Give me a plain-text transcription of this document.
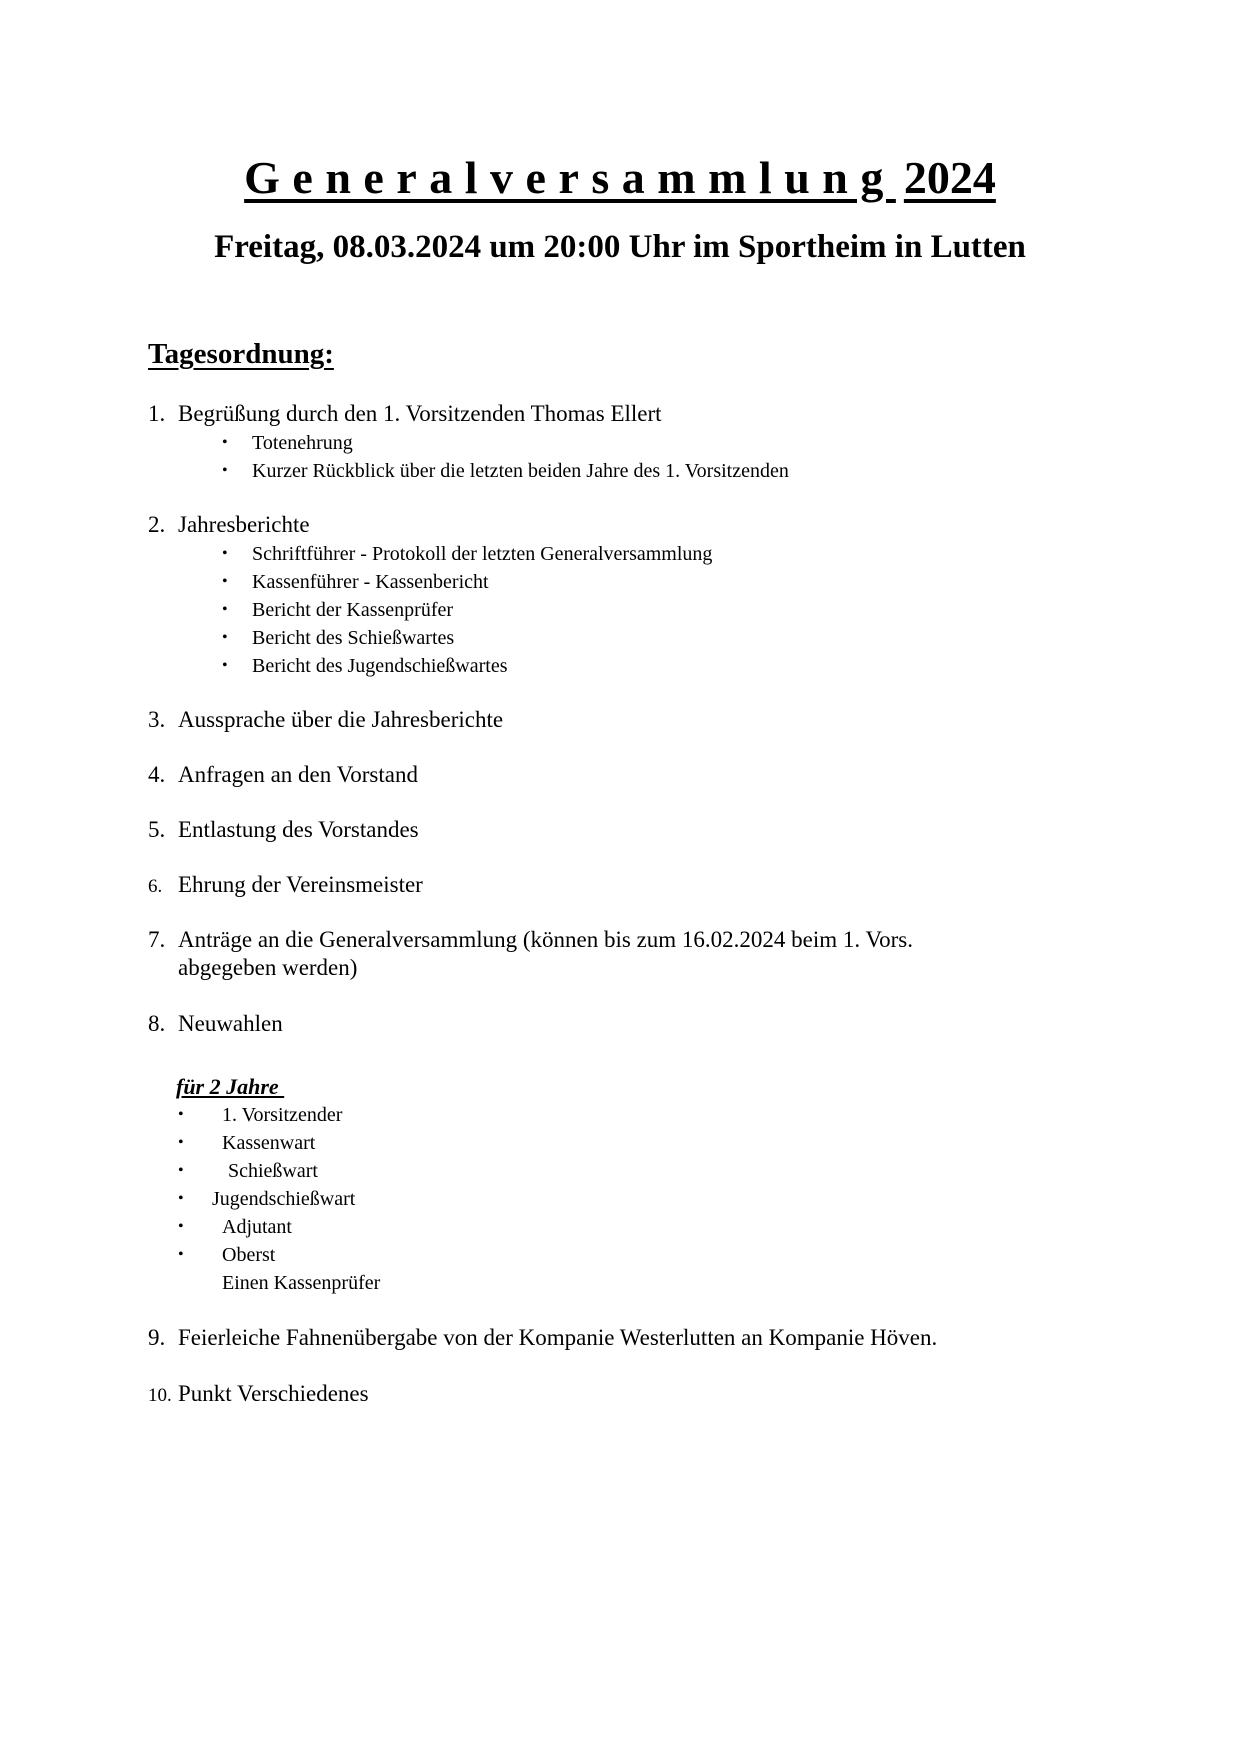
Generalversammlung 2024
Freitag, 08.03.2024 um 20:00 Uhr im Sportheim in Lutten
Tagesordnung:
1. Begrüßung durch den 1. Vorsitzenden Thomas Ellert
• Totenehrung
• Kurzer Rückblick über die letzten beiden Jahre des 1. Vorsitzenden
2. Jahresberichte
• Schriftführer - Protokoll der letzten Generalversammlung
• Kassenführer - Kassenbericht
• Bericht der Kassenprüfer
• Bericht des Schießwartes
• Bericht des Jugendschießwartes
3. Aussprache über die Jahresberichte
4. Anfragen an den Vorstand
5. Entlastung des Vorstandes
6. Ehrung der Vereinsmeister
7. Anträge an die Generalversammlung (können bis zum 16.02.2024 beim 1. Vors.
abgegeben werden)
8. Neuwahlen
für 2 Jahre
• 1. Vorsitzender
• Kassenwart
• Schießwart
• Jugendschießwart
• Adjutant
• Oberst
Einen Kassenprüfer
9. Feierleiche Fahnenübergabe von der Kompanie Westerlutten an Kompanie Höven.
10. Punkt Verschiedenes
